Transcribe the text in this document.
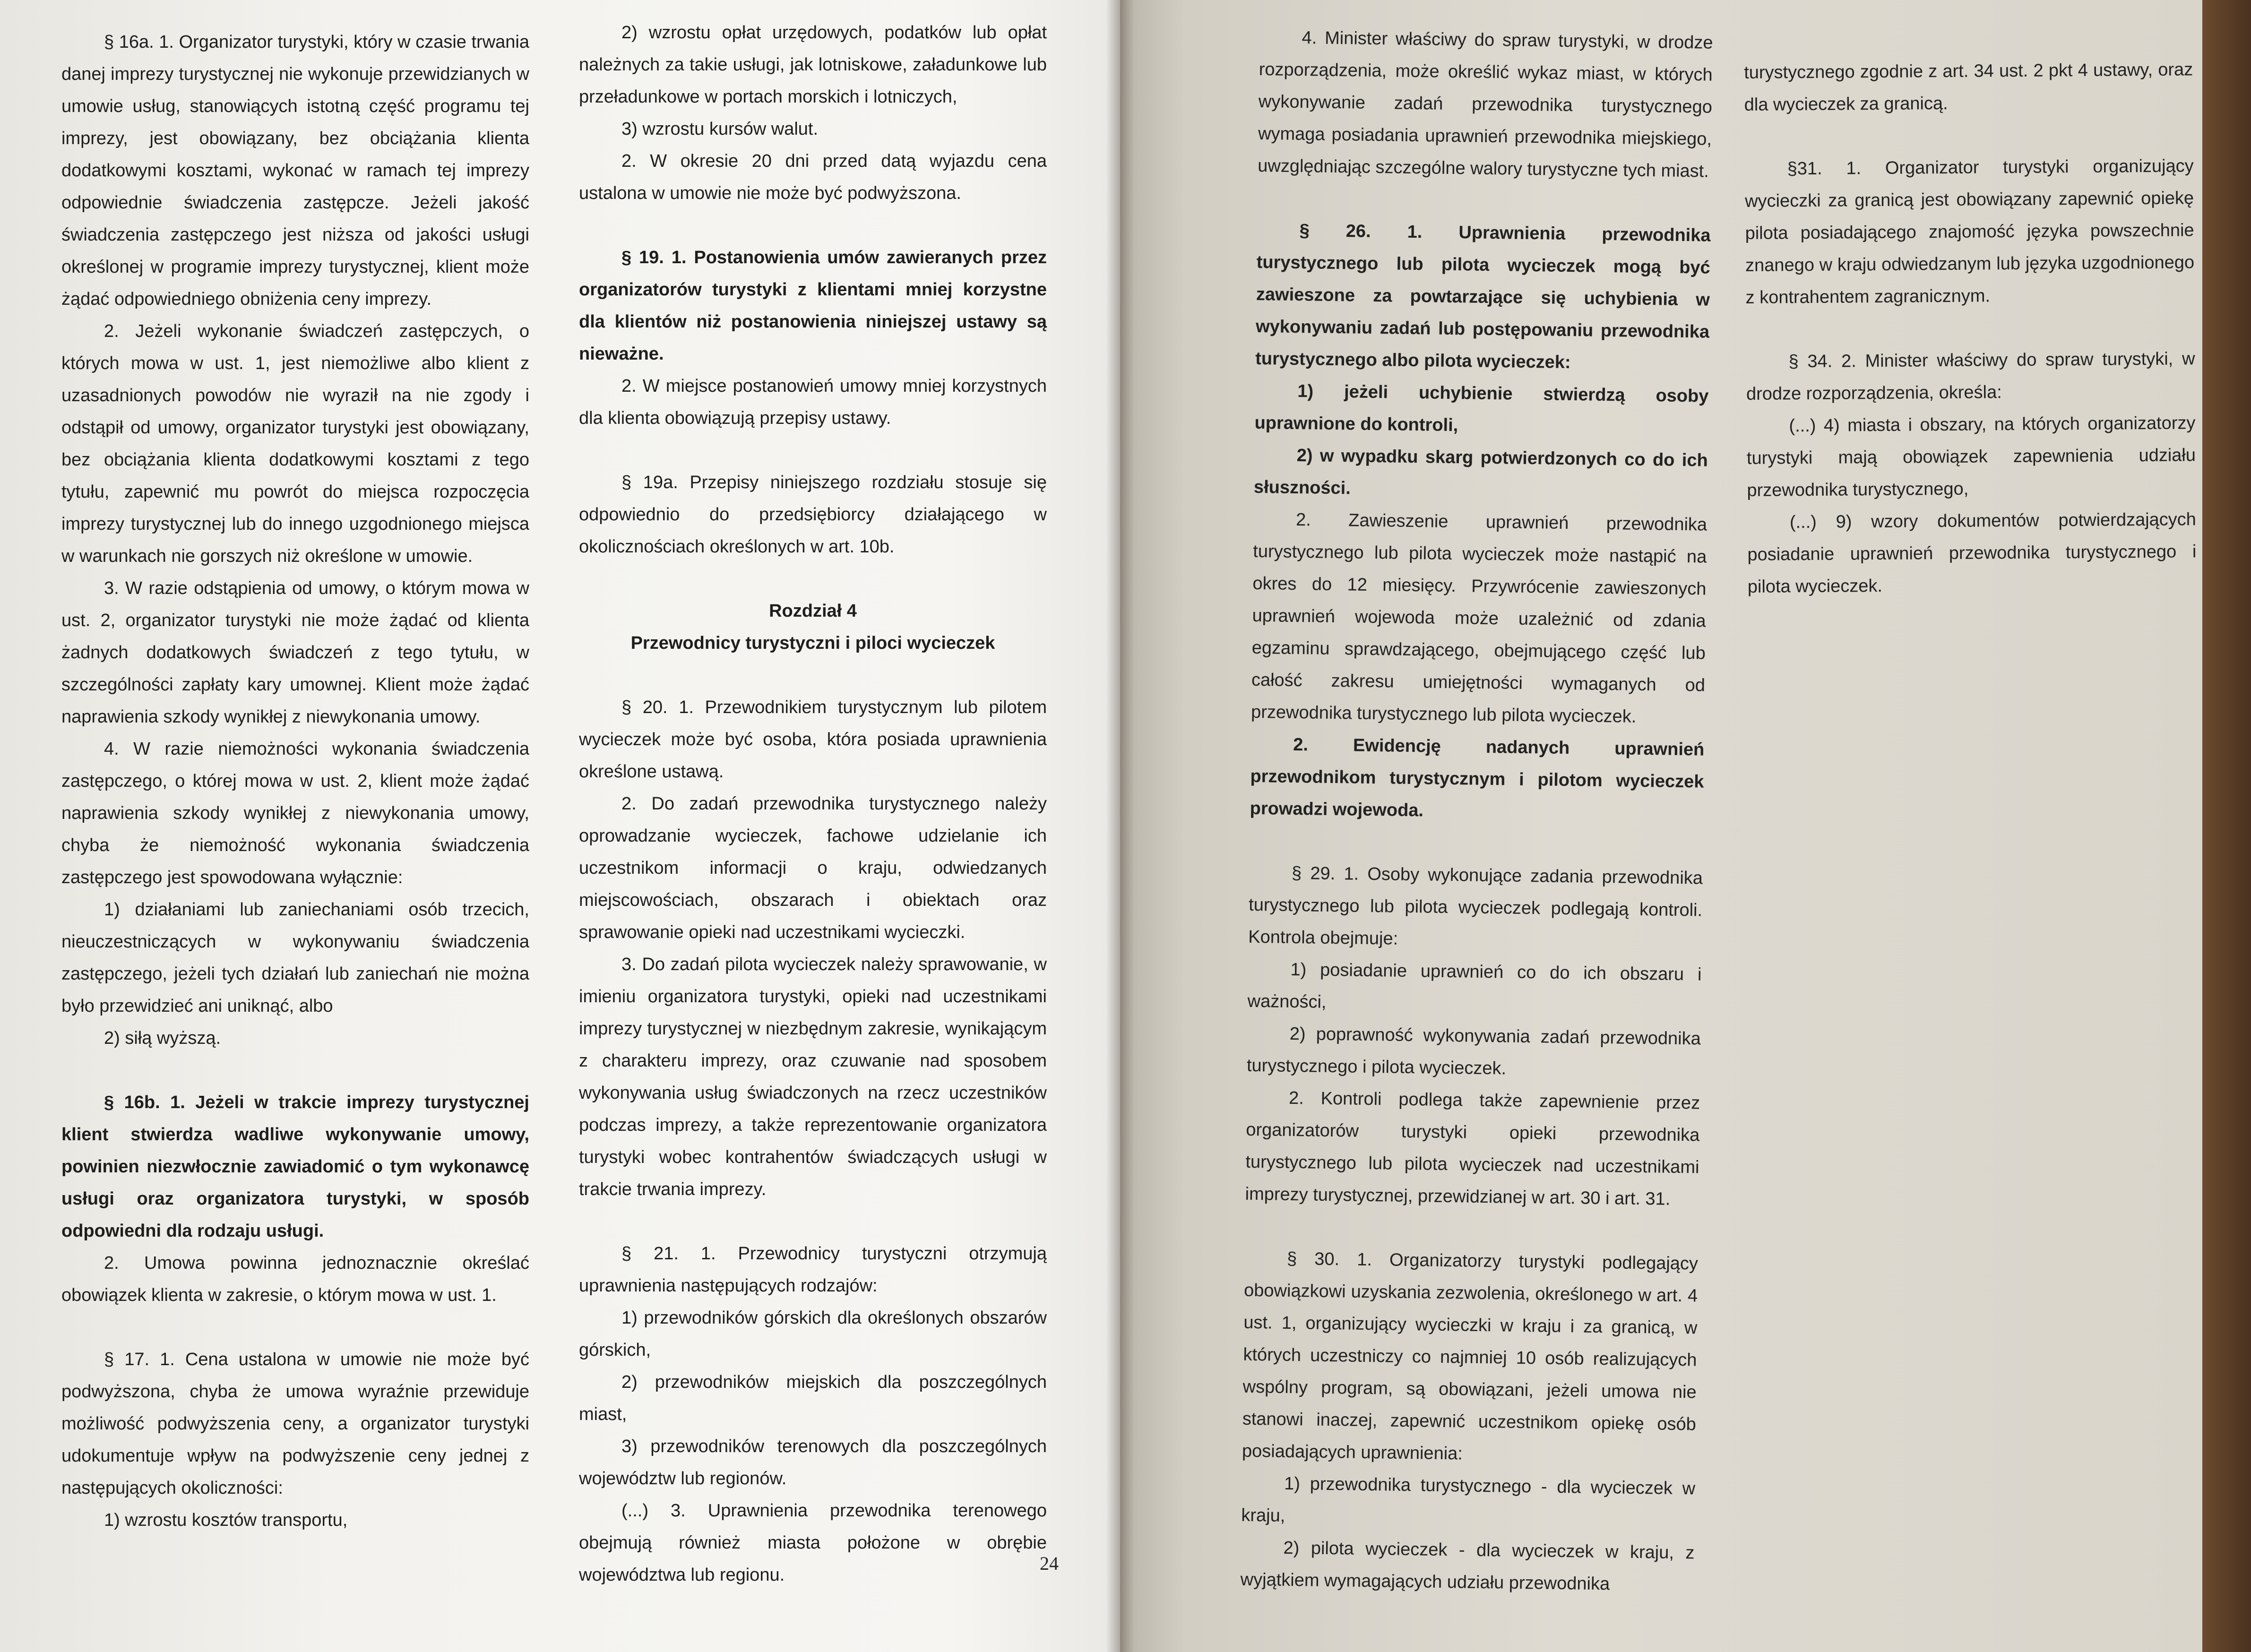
§ 16a. 1. Organizator turystyki, który w czasie trwania danej imprezy turystycznej nie wykonuje przewidzianych w umowie usług, stanowiących istotną część programu tej imprezy, jest obowiązany, bez obciążania klienta dodatkowymi kosztami, wykonać w ramach tej imprezy odpowiednie świadczenia zastępcze. Jeżeli jakość świadczenia zastępczego jest niższa od jakości usługi określonej w programie imprezy turystycznej, klient może żądać odpowiedniego obniżenia ceny imprezy.

2. Jeżeli wykonanie świadczeń zastępczych, o których mowa w ust. 1, jest niemożliwe albo klient z uzasadnionych powodów nie wyraził na nie zgody i odstąpił od umowy, organizator turystyki jest obowiązany, bez obciążania klienta dodatkowymi kosztami z tego tytułu, zapewnić mu powrót do miejsca rozpoczęcia imprezy turystycznej lub do innego uzgodnionego miejsca w warunkach nie gorszych niż określone w umowie.

3. W razie odstąpienia od umowy, o którym mowa w ust. 2, organizator turystyki nie może żądać od klienta żadnych dodatkowych świadczeń z tego tytułu, w szczególności zapłaty kary umownej. Klient może żądać naprawienia szkody wynikłej z niewykonania umowy.

4. W razie niemożności wykonania świadczenia zastępczego, o której mowa w ust. 2, klient może żądać naprawienia szkody wynikłej z niewykonania umowy, chyba że niemożność wykonania świadczenia zastępczego jest spowodowana wyłącznie:

1) działaniami lub zaniechaniami osób trzecich, nieuczestniczących w wykonywaniu świadczenia zastępczego, jeżeli tych działań lub zaniechań nie można było przewidzieć ani uniknąć, albo

2) siłą wyższą.

§ 16b. 1. Jeżeli w trakcie imprezy turystycznej klient stwierdza wadliwe wykonywanie umowy, powinien niezwłocznie zawiadomić o tym wykonawcę usługi oraz organizatora turystyki, w sposób odpowiedni dla rodzaju usługi.

2. Umowa powinna jednoznacznie określać obowiązek klienta w zakresie, o którym mowa w ust. 1.

§ 17. 1. Cena ustalona w umowie nie może być podwyższona, chyba że umowa wyraźnie przewiduje możliwość podwyższenia ceny, a organizator turystyki udokumentuje wpływ na podwyższenie ceny jednej z następujących okoliczności:

1) wzrostu kosztów transportu,

2) wzrostu opłat urzędowych, podatków lub opłat należnych za takie usługi, jak lotniskowe, załadunkowe lub przeładunkowe w portach morskich i lotniczych,

3) wzrostu kursów walut.

2. W okresie 20 dni przed datą wyjazdu cena ustalona w umowie nie może być podwyższona.

§ 19. 1. Postanowienia umów zawieranych przez organizatorów turystyki z klientami mniej korzystne dla klientów niż postanowienia niniejszej ustawy są nieważne.

2. W miejsce postanowień umowy mniej korzystnych dla klienta obowiązują przepisy ustawy.

§ 19a. Przepisy niniejszego rozdziału stosuje się odpowiednio do przedsiębiorcy działającego w okolicznościach określonych w art. 10b.

Rozdział 4

Przewodnicy turystyczni i piloci wycieczek

§ 20. 1. Przewodnikiem turystycznym lub pilotem wycieczek może być osoba, która posiada uprawnienia określone ustawą.

2. Do zadań przewodnika turystycznego należy oprowadzanie wycieczek, fachowe udzielanie ich uczestnikom informacji o kraju, odwiedzanych miejscowościach, obszarach i obiektach oraz sprawowanie opieki nad uczestnikami wycieczki.

3. Do zadań pilota wycieczek należy sprawowanie, w imieniu organizatora turystyki, opieki nad uczestnikami imprezy turystycznej w niezbędnym zakresie, wynikającym z charakteru imprezy, oraz czuwanie nad sposobem wykonywania usług świadczonych na rzecz uczestników podczas imprezy, a także reprezentowanie organizatora turystyki wobec kontrahentów świadczących usługi w trakcie trwania imprezy.

§ 21. 1. Przewodnicy turystyczni otrzymują uprawnienia następujących rodzajów:

1) przewodników górskich dla określonych obszarów górskich,

2) przewodników miejskich dla poszczególnych miast,

3) przewodników terenowych dla poszczególnych województw lub regionów.

(...) 3. Uprawnienia przewodnika terenowego obejmują również miasta położone w obrębie województwa lub regionu.

24

4. Minister właściwy do spraw turystyki, w drodze rozporządzenia, może określić wykaz miast, w których wykonywanie zadań przewodnika turystycznego wymaga posiadania uprawnień przewodnika miejskiego, uwzględniając szczególne walory turystyczne tych miast.

§ 26. 1. Uprawnienia przewodnika turystycznego lub pilota wycieczek mogą być zawieszone za powtarzające się uchybienia w wykonywaniu zadań lub postępowaniu przewodnika turystycznego albo pilota wycieczek:

1) jeżeli uchybienie stwierdzą osoby uprawnione do kontroli,

2) w wypadku skarg potwierdzonych co do ich słuszności.

2. Zawieszenie uprawnień przewodnika turystycznego lub pilota wycieczek może nastąpić na okres do 12 miesięcy. Przywrócenie zawieszonych uprawnień wojewoda może uzależnić od zdania egzaminu sprawdzającego, obejmującego część lub całość zakresu umiejętności wymaganych od przewodnika turystycznego lub pilota wycieczek.

2. Ewidencję nadanych uprawnień przewodnikom turystycznym i pilotom wycieczek prowadzi wojewoda.

§ 29. 1. Osoby wykonujące zadania przewodnika turystycznego lub pilota wycieczek podlegają kontroli. Kontrola obejmuje:

1) posiadanie uprawnień co do ich obszaru i ważności,

2) poprawność wykonywania zadań przewodnika turystycznego i pilota wycieczek.

2. Kontroli podlega także zapewnienie przez organizatorów turystyki opieki przewodnika turystycznego lub pilota wycieczek nad uczestnikami imprezy turystycznej, przewidzianej w art. 30 i art. 31.

§ 30. 1. Organizatorzy turystyki podlegający obowiązkowi uzyskania zezwolenia, określonego w art. 4 ust. 1, organizujący wycieczki w kraju i za granicą, w których uczestniczy co najmniej 10 osób realizujących wspólny program, są obowiązani, jeżeli umowa nie stanowi inaczej, zapewnić uczestnikom opiekę osób posiadających uprawnienia:

1) przewodnika turystycznego - dla wycieczek w kraju,

2) pilota wycieczek - dla wycieczek w kraju, z wyjątkiem wymagających udziału przewodnika

turystycznego zgodnie z art. 34 ust. 2 pkt 4 ustawy, oraz dla wycieczek za granicą.

§31. 1. Organizator turystyki organizujący wycieczki za granicą jest obowiązany zapewnić opiekę pilota posiadającego znajomość języka powszechnie znanego w kraju odwiedzanym lub języka uzgodnionego z kontrahentem zagranicznym.

§ 34. 2. Minister właściwy do spraw turystyki, w drodze rozporządzenia, określa:

(...) 4) miasta i obszary, na których organizatorzy turystyki mają obowiązek zapewnienia udziału przewodnika turystycznego,

(...) 9) wzory dokumentów potwierdzających posiadanie uprawnień przewodnika turystycznego i pilota wycieczek.
